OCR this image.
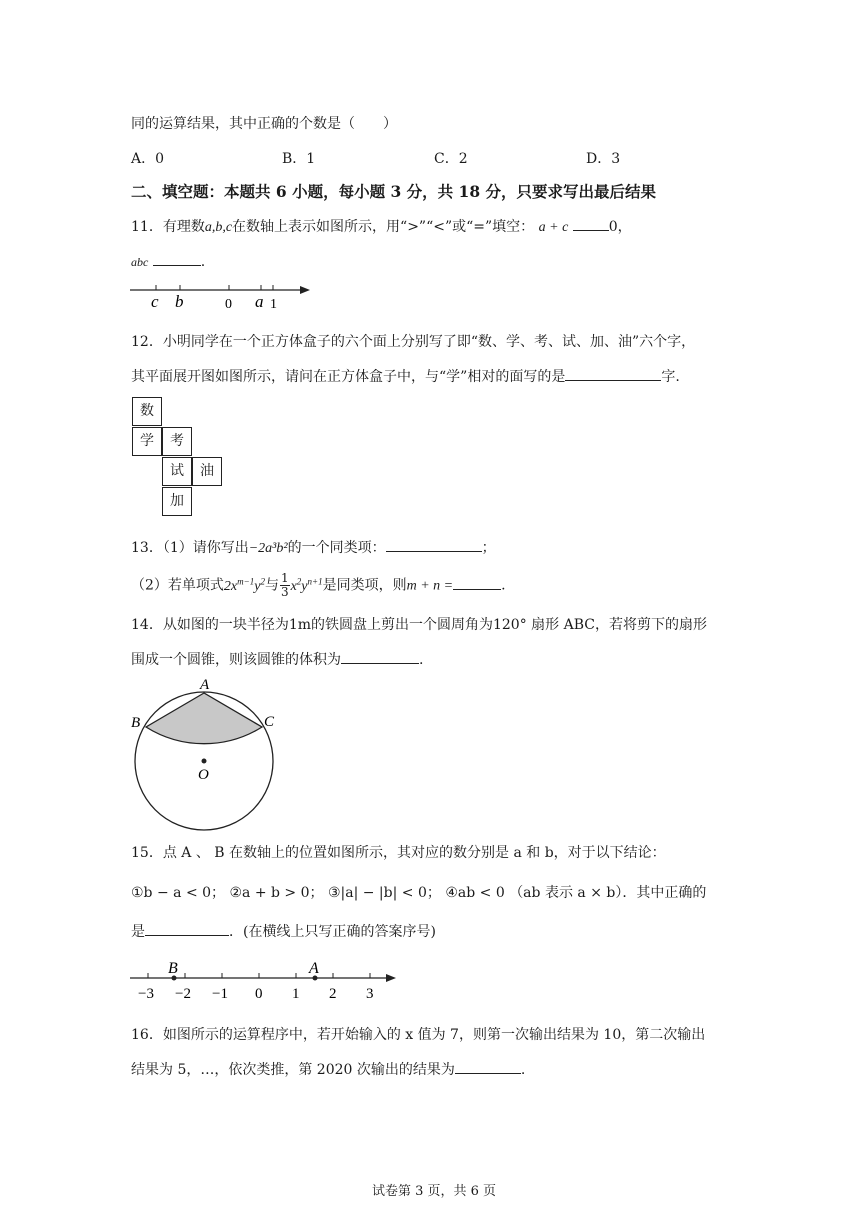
同的运算结果，其中正确的个数是（　　）
A．0	B．1	C．2	D．3
二、填空题：本题共 6 小题，每小题 3 分，共 18 分，只要求写出最后结果
11．有理数a,b,c在数轴上表示如图所示，用“>”“<”或“=”填空： a + c	0，
abc	.
c b	0 a 1
12．小明同学在一个正方体盒子的六个面上分别写了即“数、学、考、试、加、油”六个字，
其平面展开图如图所示，请问在正方体盒子中，与“学”相对的面写的是	字.
数
学	考
试	油
加
13．（1）请你写出−2a³b²的一个同类项：	；
（2）若单项式$2x^{m-1}y^2$与 $\frac{1}{3} x^2y^{n+1}$是同类项，则m + n =	.
14．从如图的一块半径为1m的铁圆盘上剪出一个圆周角为120° 扇形 ABC，若将剪下的扇形
围成一个圆锥，则该圆锥的体积为	.
A
B	C
O
15．点 A 、 B 在数轴上的位置如图所示，其对应的数分别是 a 和 b，对于以下结论：
①b − a < 0； ②a + b > 0； ③|a| − |b| < 0； ④ab < 0 （ab 表示 a × b）．其中正确的
是	．(在横线上只写正确的答案序号)
B	A
−3 −2 −1 0 1 2 3
16．如图所示的运算程序中，若开始输入的 x 值为 7，则第一次输出结果为 10，第二次输出
结果为 5，…，依次类推，第 2020 次输出的结果为	.
试卷第 3 页，共 6 页
